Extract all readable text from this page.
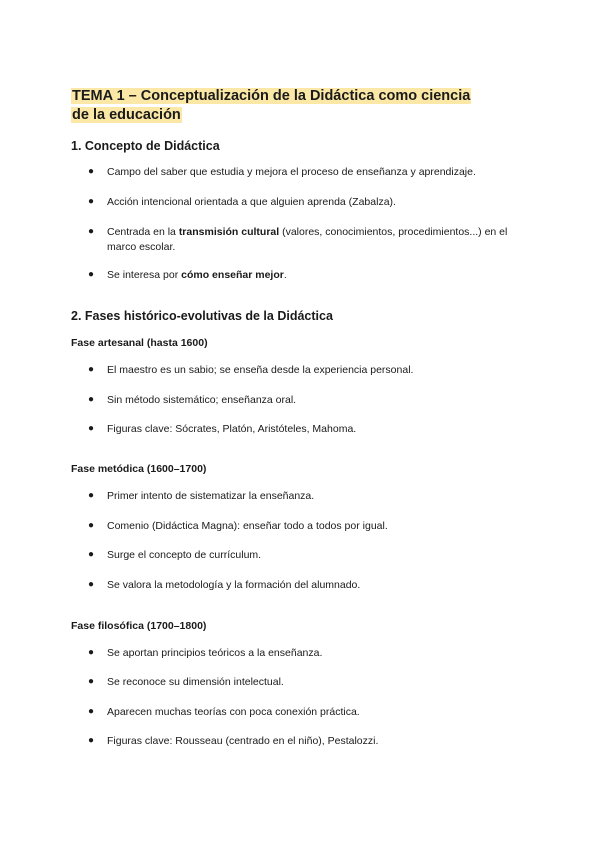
TEMA 1 – Conceptualización de la Didáctica como ciencia de la educación
1. Concepto de Didáctica
●	Campo del saber que estudia y mejora el proceso de enseñanza y aprendizaje.
●	Acción intencional orientada a que alguien aprenda (Zabalza).
●	Centrada en la transmisión cultural (valores, conocimientos, procedimientos...) en el marco escolar.
●	Se interesa por cómo enseñar mejor.
2. Fases histórico-evolutivas de la Didáctica
Fase artesanal (hasta 1600)
●	El maestro es un sabio; se enseña desde la experiencia personal.
●	Sin método sistemático; enseñanza oral.
●	Figuras clave: Sócrates, Platón, Aristóteles, Mahoma.
Fase metódica (1600–1700)
●	Primer intento de sistematizar la enseñanza.
●	Comenio (Didáctica Magna): enseñar todo a todos por igual.
●	Surge el concepto de currículum.
●	Se valora la metodología y la formación del alumnado.
Fase filosófica (1700–1800)
●	Se aportan principios teóricos a la enseñanza.
●	Se reconoce su dimensión intelectual.
●	Aparecen muchas teorías con poca conexión práctica.
●	Figuras clave: Rousseau (centrado en el niño), Pestalozzi.
